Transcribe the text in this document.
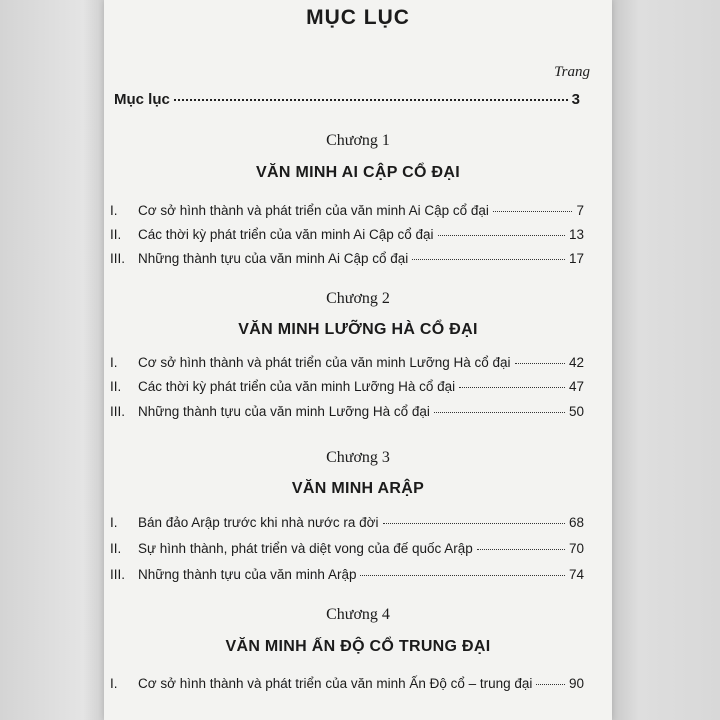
MỤC LỤC
Trang
Mục lục	3
Chương 1
VĂN MINH AI CẬP CỔ ĐẠI
I.	Cơ sở hình thành và phát triển của văn minh Ai Cập cổ đại	7
II.	Các thời kỳ phát triển của văn minh Ai Cập cổ đại	13
III. Những thành tựu của văn minh Ai Cập cổ đại	17
Chương 2
VĂN MINH LƯỠNG HÀ CỔ ĐẠI
I.	Cơ sở hình thành và phát triển của văn minh Lưỡng Hà cổ đại	42
II.	Các thời kỳ phát triển của văn minh Lưỡng Hà cổ đại	47
III. Những thành tựu của văn minh Lưỡng Hà cổ đại	50
Chương 3
VĂN MINH ARẬP
I.	Bán đảo Arập trước khi nhà nước ra đời	68
II.	Sự hình thành, phát triển và diệt vong của đế quốc Arập	70
III. Những thành tựu của văn minh Arập	74
Chương 4
VĂN MINH ẤN ĐỘ CỔ TRUNG ĐẠI
I.	Cơ sở hình thành và phát triển của văn minh Ấn Độ cổ – trung đại	90
